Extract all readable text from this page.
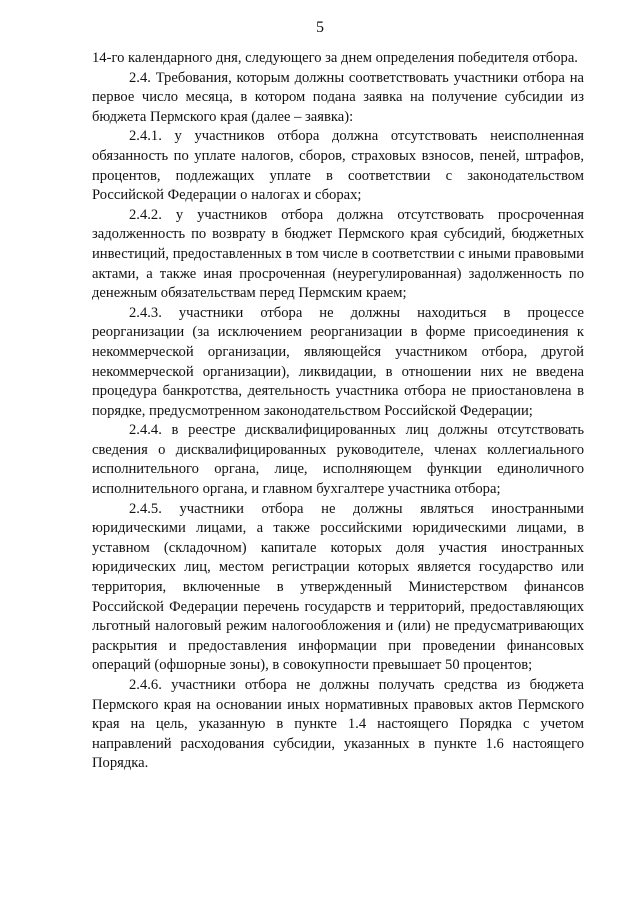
5

14-го календарного дня, следующего за днем определения победителя отбора.

2.4. Требования, которым должны соответствовать участники отбора на первое число месяца, в котором подана заявка на получение субсидии из бюджета Пермского края (далее – заявка):

2.4.1. у участников отбора должна отсутствовать неисполненная обязанность по уплате налогов, сборов, страховых взносов, пеней, штрафов, процентов, подлежащих уплате в соответствии с законодательством Российской Федерации о налогах и сборах;

2.4.2. у участников отбора должна отсутствовать просроченная задолженность по возврату в бюджет Пермского края субсидий, бюджетных инвестиций, предоставленных в том числе в соответствии с иными правовыми актами, а также иная просроченная (неурегулированная) задолженность по денежным обязательствам перед Пермским краем;

2.4.3. участники отбора не должны находиться в процессе реорганизации (за исключением реорганизации в форме присоединения к некоммерческой организации, являющейся участником отбора, другой некоммерческой организации), ликвидации, в отношении них не введена процедура банкротства, деятельность участника отбора не приостановлена в порядке, предусмотренном законодательством Российской Федерации;

2.4.4. в реестре дисквалифицированных лиц должны отсутствовать сведения о дисквалифицированных руководителе, членах коллегиального исполнительного органа, лице, исполняющем функции единоличного исполнительного органа, и главном бухгалтере участника отбора;

2.4.5. участники отбора не должны являться иностранными юридическими лицами, а также российскими юридическими лицами, в уставном (складочном) капитале которых доля участия иностранных юридических лиц, местом регистрации которых является государство или территория, включенные в утвержденный Министерством финансов Российской Федерации перечень государств и территорий, предоставляющих льготный налоговый режим налогообложения и (или) не предусматривающих раскрытия и предоставления информации при проведении финансовых операций (офшорные зоны), в совокупности превышает 50 процентов;

2.4.6. участники отбора не должны получать средства из бюджета Пермского края на основании иных нормативных правовых актов Пермского края на цель, указанную в пункте 1.4 настоящего Порядка с учетом направлений расходования субсидии, указанных в пункте 1.6 настоящего Порядка.
